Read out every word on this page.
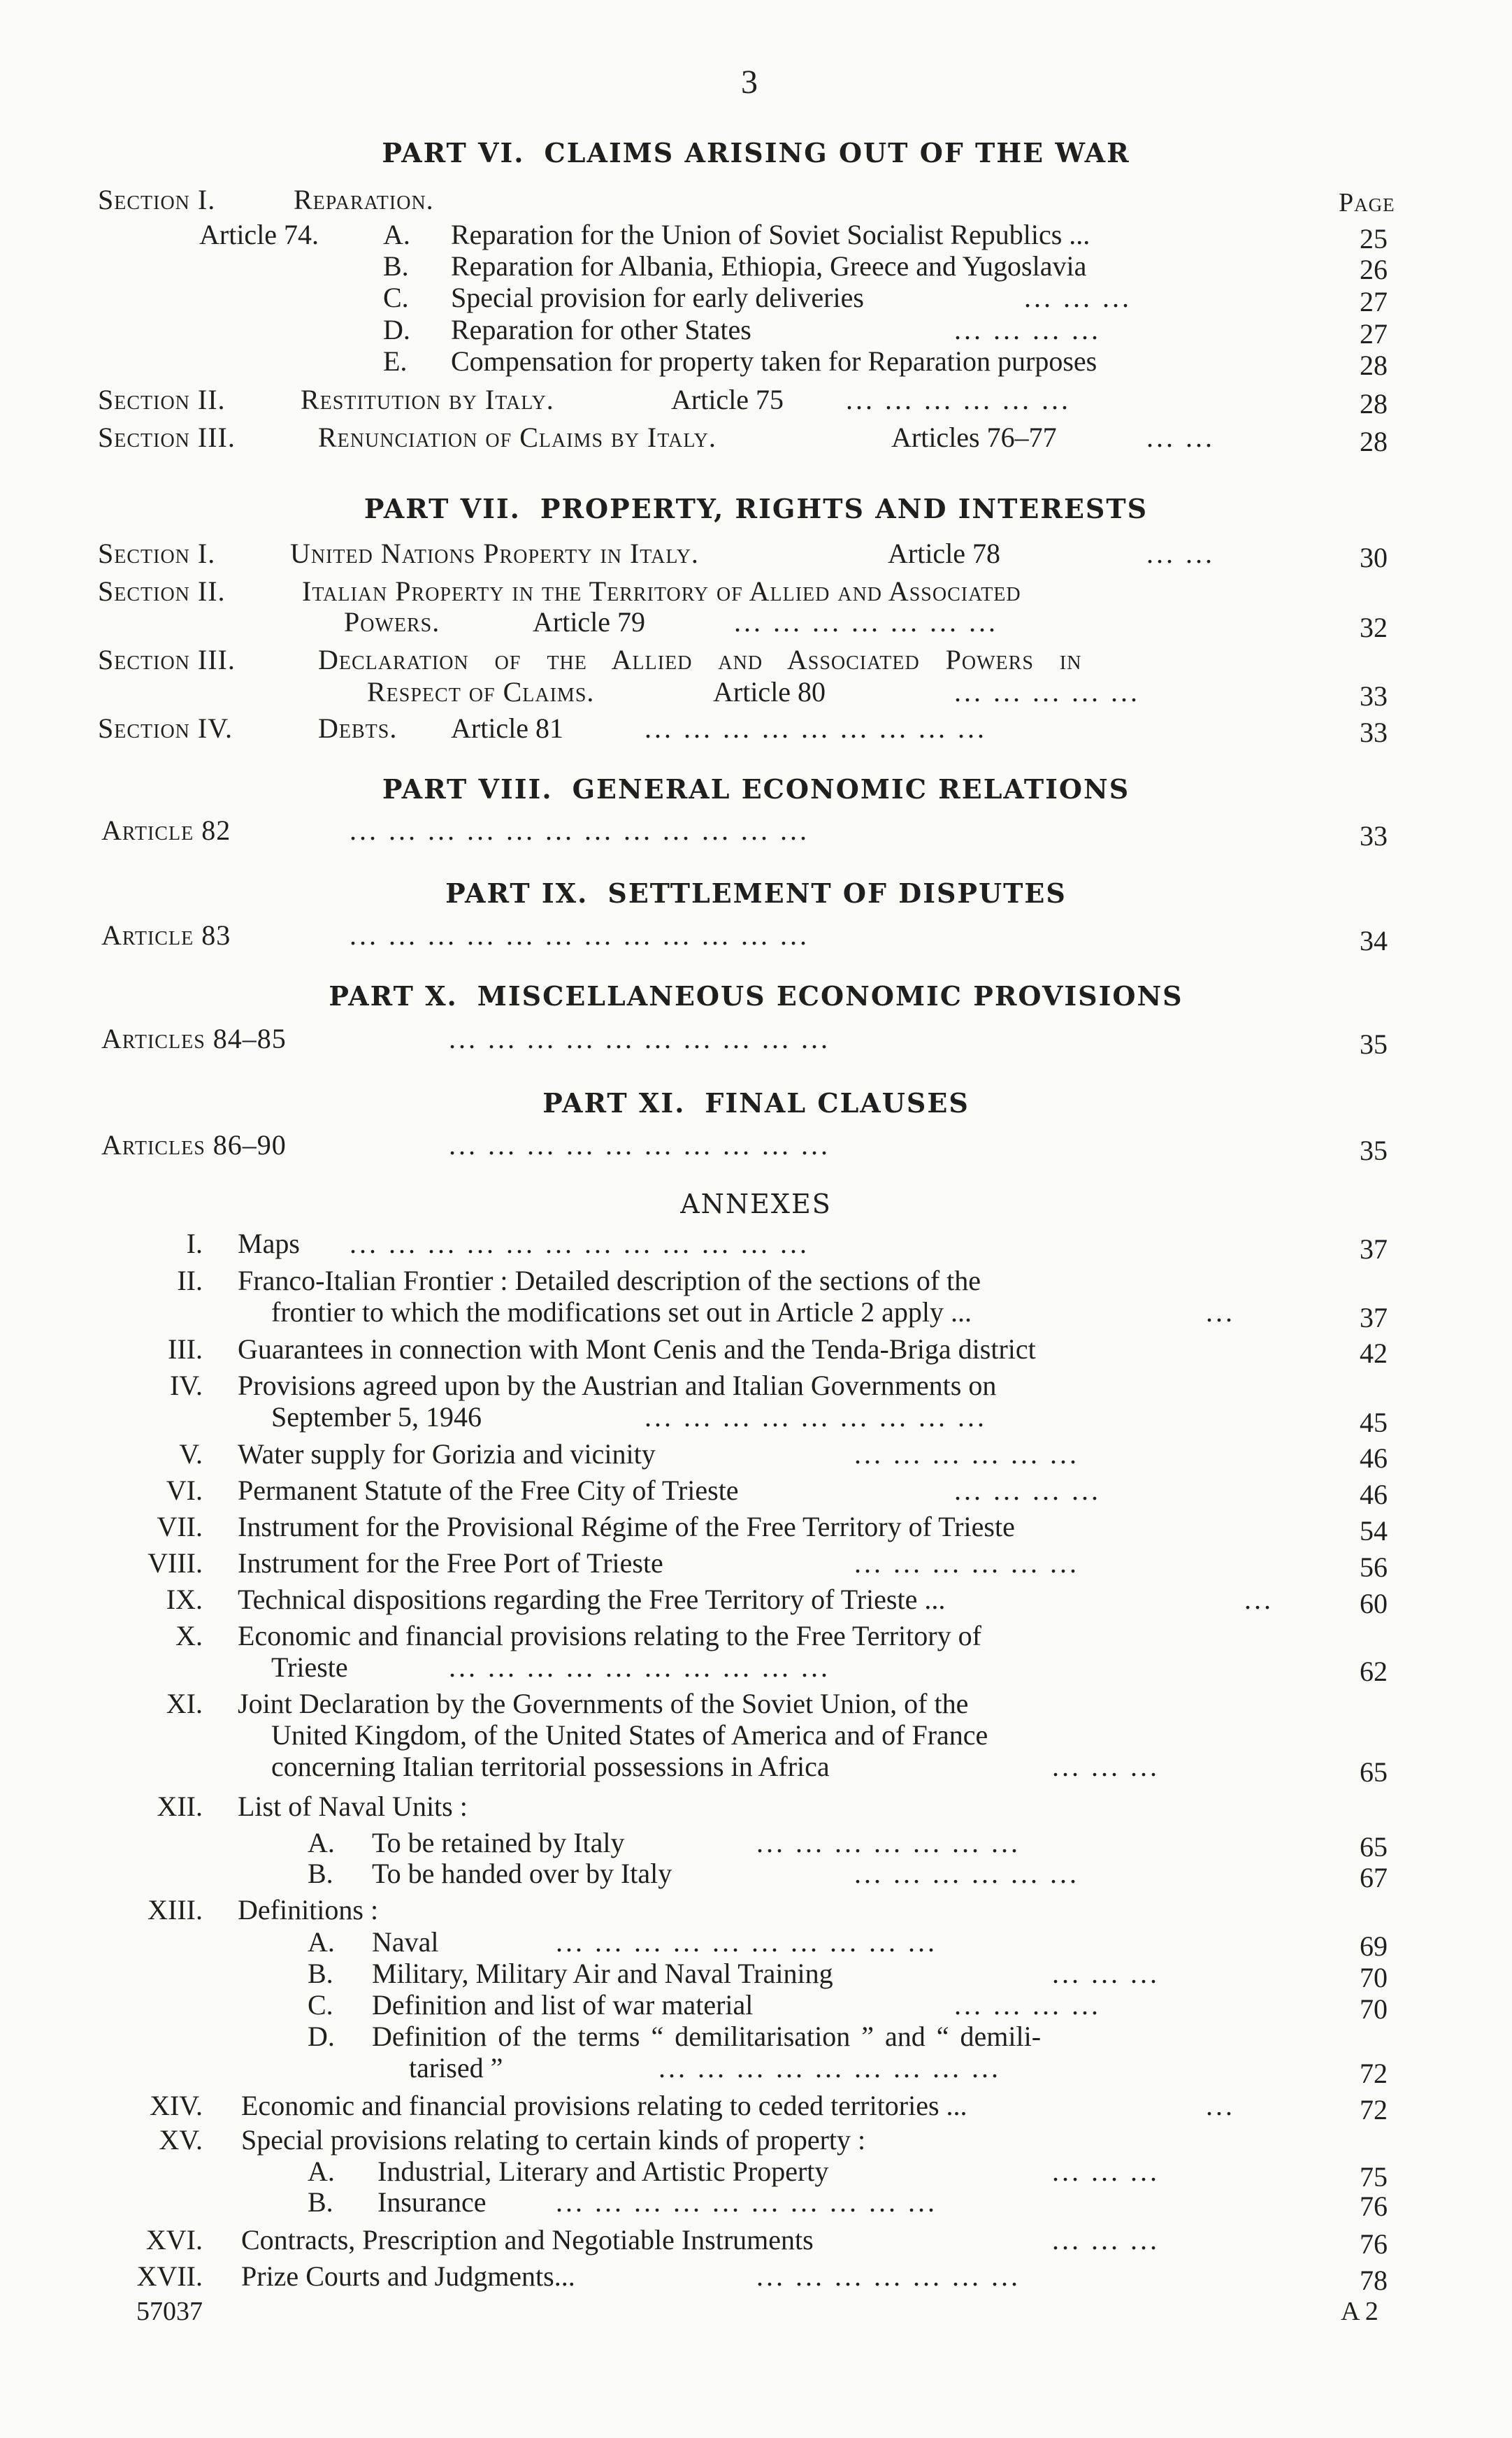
3
PART VI. CLAIMS ARISING OUT OF THE WAR
Section I.	Reparation.	Page
Article 74. A. Reparation for the Union of Soviet Socialist Republics ...	25
B. Reparation for Albania, Ethiopia, Greece and Yugoslavia	26
C. Special provision for early deliveries	... ... ...	27
D. Reparation for other States	... ... ... ...	27
E. Compensation for property taken for Reparation purposes	28
Section II.	Restitution by Italy.	Article 75 ... ... ... ... ... ...	28
Section III.	Renunciation of Claims by Italy.	Articles 76–77	... ...	28
PART VII. PROPERTY, RIGHTS AND INTERESTS
Section I.	United Nations Property in Italy.	Article 78	... ...	30
Section II.	Italian Property in the Territory of Allied and Associated
Powers.	Article 79	... ... ... ... ... ... ...	32
Section III.	Declaration of the Allied and Associated Powers in
Respect of Claims.	Article 80	... ... ... ... ...	33
Section IV.	Debts. Article 81	... ... ... ... ... ... ... ... ...	33
PART VIII. GENERAL ECONOMIC RELATIONS
Article 82	... ... ... ... ... ... ... ... ... ... ... ...	33
PART IX. SETTLEMENT OF DISPUTES
Article 83	... ... ... ... ... ... ... ... ... ... ... ...	34
PART X. MISCELLANEOUS ECONOMIC PROVISIONS
Articles 84–85	... ... ... ... ... ... ... ... ... ...	35
PART XI. FINAL CLAUSES
Articles 86–90	... ... ... ... ... ... ... ... ... ...	35
ANNEXES
I. Maps ... ... ... ... ... ... ... ... ... ... ... ...	37
II. Franco-Italian Frontier : Detailed description of the sections of the
frontier to which the modifications set out in Article 2 apply ...	...	37
III. Guarantees in connection with Mont Cenis and the Tenda-Briga district	42
IV. Provisions agreed upon by the Austrian and Italian Governments on
September 5, 1946	... ... ... ... ... ... ... ... ...	45
V. Water supply for Gorizia and vicinity	... ... ... ... ... ...	46
VI. Permanent Statute of the Free City of Trieste	... ... ... ...	46
VII. Instrument for the Provisional Régime of the Free Territory of Trieste	54
VIII. Instrument for the Free Port of Trieste	... ... ... ... ... ...	56
IX. Technical dispositions regarding the Free Territory of Trieste ...	...	60
X. Economic and financial provisions relating to the Free Territory of
Trieste	... ... ... ... ... ... ... ... ... ...	62
XI. Joint Declaration by the Governments of the Soviet Union, of the
United Kingdom, of the United States of America and of France
concerning Italian territorial possessions in Africa	... ... ...	65
XII. List of Naval Units :
A. To be retained by Italy	... ... ... ... ... ... ...	65
B. To be handed over by Italy	... ... ... ... ... ...	67
XIII. Definitions :
A. Naval	... ... ... ... ... ... ... ... ... ...	69
B. Military, Military Air and Naval Training	... ... ...	70
C. Definition and list of war material	... ... ... ...	70
D. Definition of the terms “ demilitarisation ” and “ demili-
tarised ”	... ... ... ... ... ... ... ... ...	72
XIV. Economic and financial provisions relating to ceded territories ...	...	72
XV. Special provisions relating to certain kinds of property :
A. Industrial, Literary and Artistic Property	... ... ...	75
B. Insurance ... ... ... ... ... ... ... ... ... ...	76
XVI. Contracts, Prescription and Negotiable Instruments	... ... ...	76
XVII. Prize Courts and Judgments...	... ... ... ... ... ... ...	78
57037	A 2
